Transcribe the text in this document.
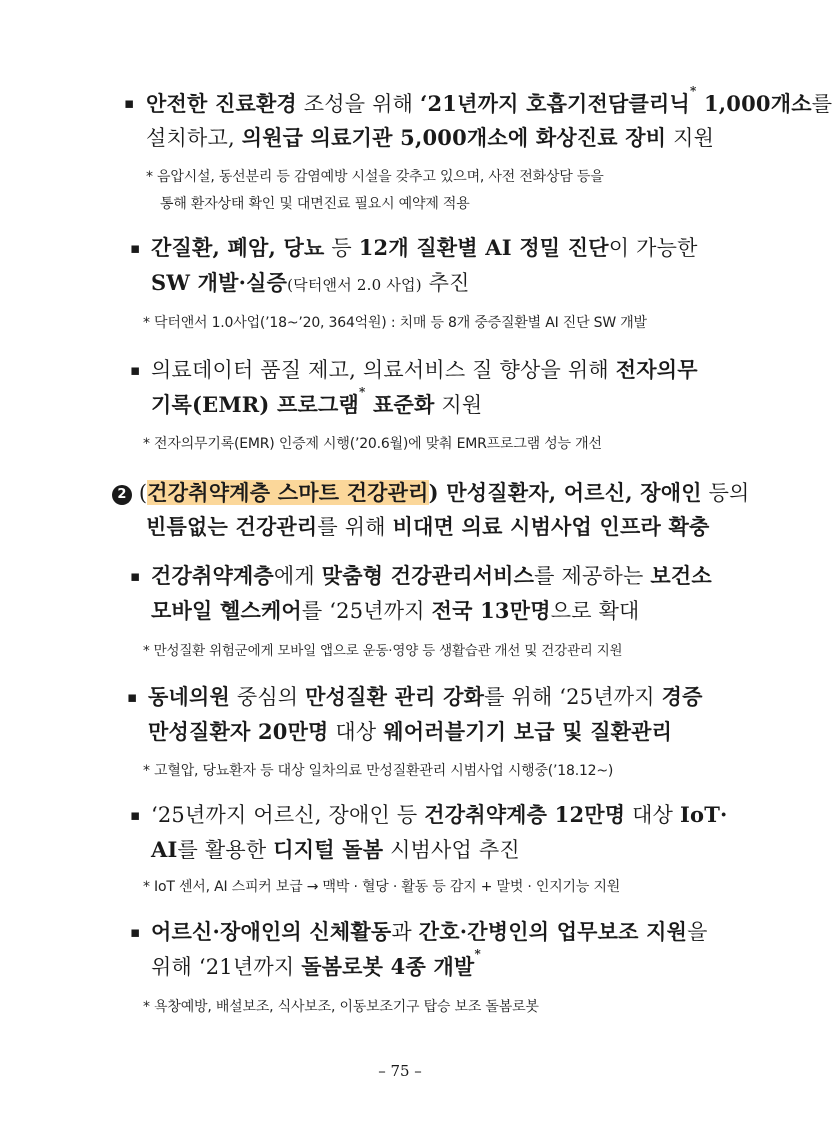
▪ 안전한 진료환경 조성을 위해 ‘21년까지 호흡기전담클리닉* 1,000개소를
설치하고, 의원급 의료기관 5,000개소에 화상진료 장비 지원
* 음압시설, 동선분리 등 감염예방 시설을 갖추고 있으며, 사전 전화상담 등을
통해 환자상태 확인 및 대면진료 필요시 예약제 적용
▪ 간질환, 폐암, 당뇨 등 12개 질환별 AI 정밀 진단이 가능한
SW 개발·실증(닥터앤서 2.0 사업) 추진
* 닥터앤서 1.0사업(’18~’20, 364억원) : 치매 등 8개 중증질환별 AI 진단 SW 개발
▪ 의료데이터 품질 제고, 의료서비스 질 향상을 위해 전자의무
기록(EMR) 프로그램* 표준화 지원
* 전자의무기록(EMR) 인증제 시행(’20.6월)에 맞춰 EMR프로그램 성능 개선
2 (건강취약계층 스마트 건강관리) 만성질환자, 어르신, 장애인 등의
빈틈없는 건강관리를 위해 비대면 의료 시범사업 인프라 확충
▪ 건강취약계층에게 맞춤형 건강관리서비스를 제공하는 보건소
모바일 헬스케어를 ‘25년까지 전국 13만명으로 확대
* 만성질환 위험군에게 모바일 앱으로 운동·영양 등 생활습관 개선 및 건강관리 지원
▪ 동네의원 중심의 만성질환 관리 강화를 위해 ‘25년까지 경증
만성질환자 20만명 대상 웨어러블기기 보급 및 질환관리
* 고혈압, 당뇨환자 등 대상 일차의료 만성질환관리 시범사업 시행중(’18.12~)
▪ ‘25년까지 어르신, 장애인 등 건강취약계층 12만명 대상 IoT·
AI를 활용한 디지털 돌봄 시범사업 추진
* IoT 센서, AI 스피커 보급 → 맥박 · 혈당 · 활동 등 감지 + 말벗 · 인지기능 지원
▪ 어르신·장애인의 신체활동과 간호·간병인의 업무보조 지원을
위해 ‘21년까지 돌봄로봇 4종 개발*
* 욕창예방, 배설보조, 식사보조, 이동보조기구 탑승 보조 돌봄로봇
– 75 –
